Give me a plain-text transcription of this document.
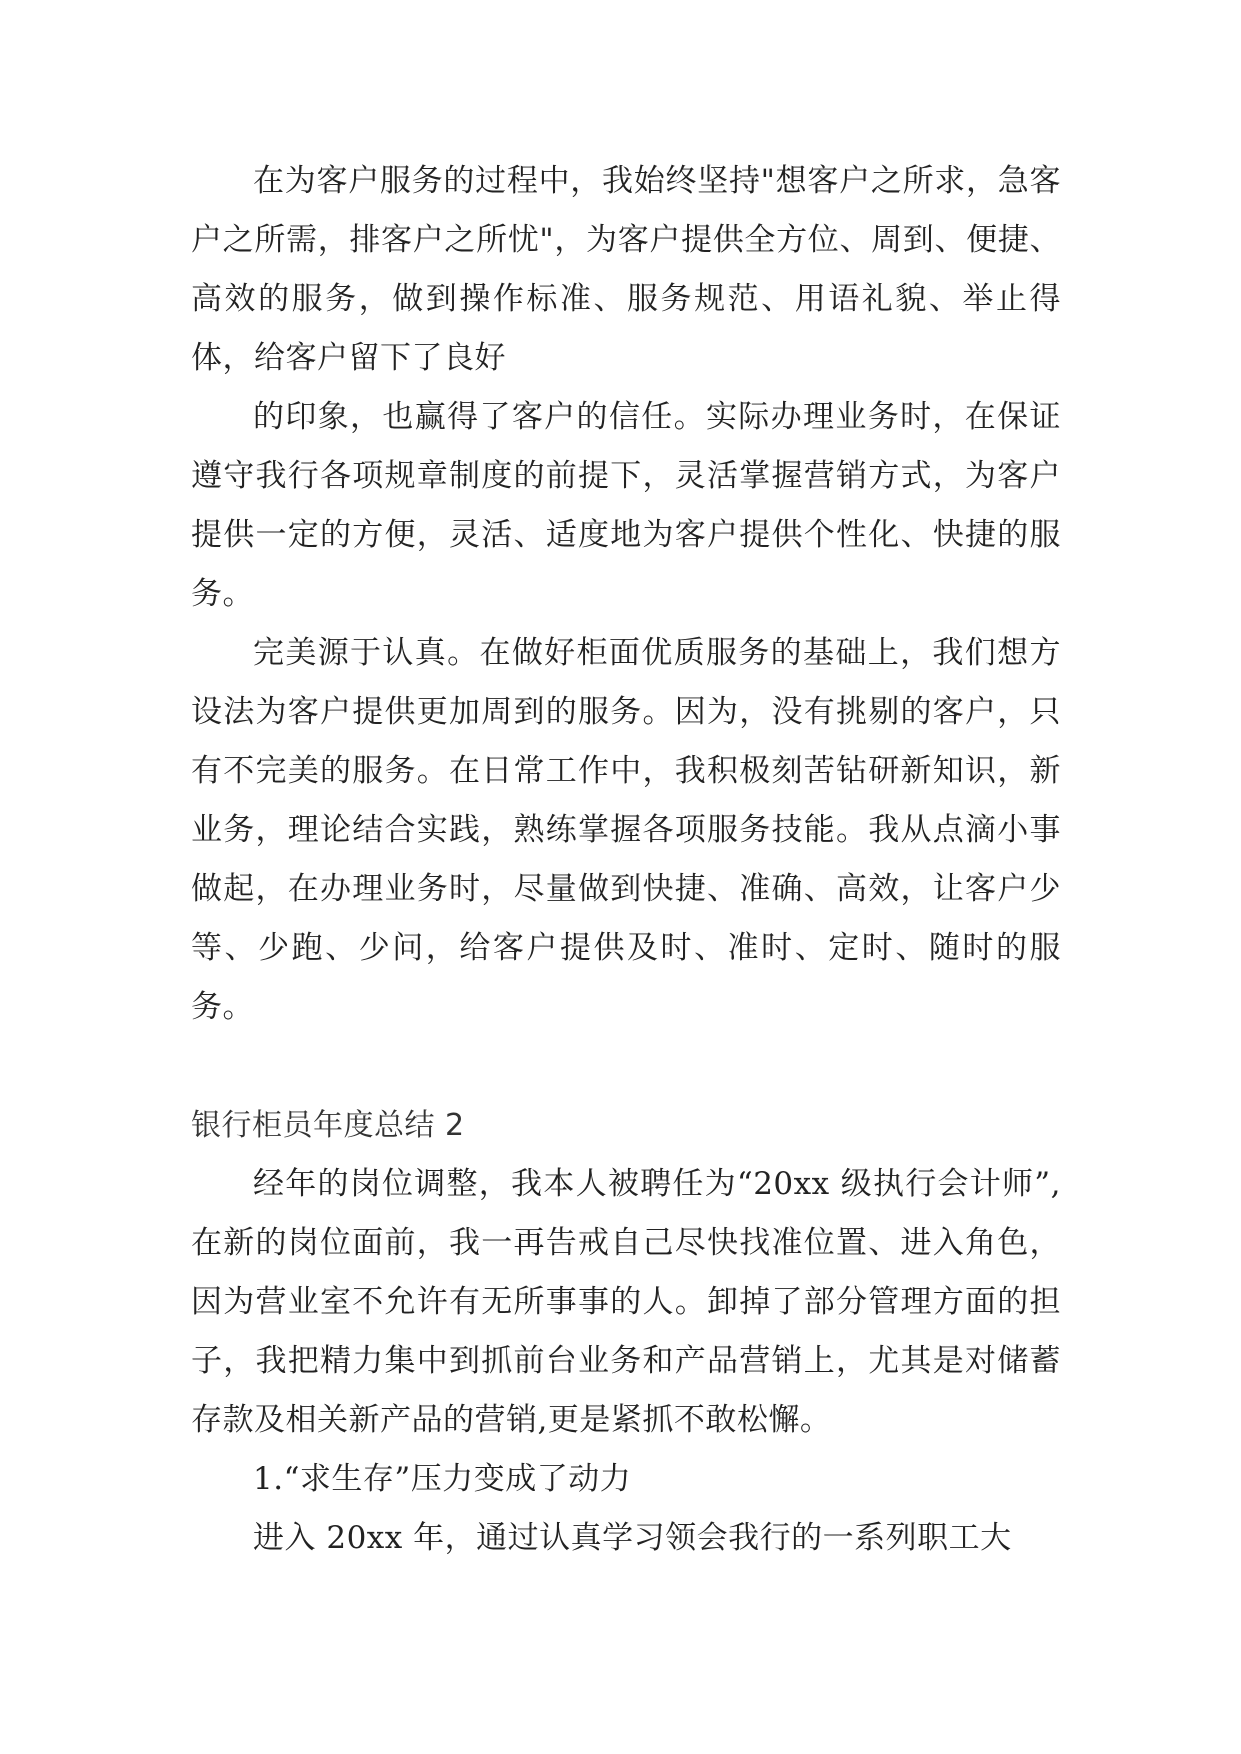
在为客户服务的过程中，我始终坚持"想客户之所求，急客户之所需，排客户之所忧"，为客户提供全方位、周到、便捷、高效的服务，做到操作标准、服务规范、用语礼貌、举止得体，给客户留下了良好

的印象，也赢得了客户的信任。实际办理业务时，在保证遵守我行各项规章制度的前提下，灵活掌握营销方式，为客户提供一定的方便，灵活、适度地为客户提供个性化、快捷的服务。

完美源于认真。在做好柜面优质服务的基础上，我们想方设法为客户提供更加周到的服务。因为，没有挑剔的客户，只有不完美的服务。在日常工作中，我积极刻苦钻研新知识，新业务，理论结合实践，熟练掌握各项服务技能。我从点滴小事做起，在办理业务时，尽量做到快捷、准确、高效，让客户少等、少跑、少问，给客户提供及时、准时、定时、随时的服务。

银行柜员年度总结 2

经年的岗位调整，我本人被聘任为“20xx 级执行会计师”,在新的岗位面前，我一再告戒自己尽快找准位置、进入角色，因为营业室不允许有无所事事的人。卸掉了部分管理方面的担子，我把精力集中到抓前台业务和产品营销上，尤其是对储蓄存款及相关新产品的营销,更是紧抓不敢松懈。

1.“求生存”压力变成了动力

进入 20xx 年，通过认真学习领会我行的一系列职工大
